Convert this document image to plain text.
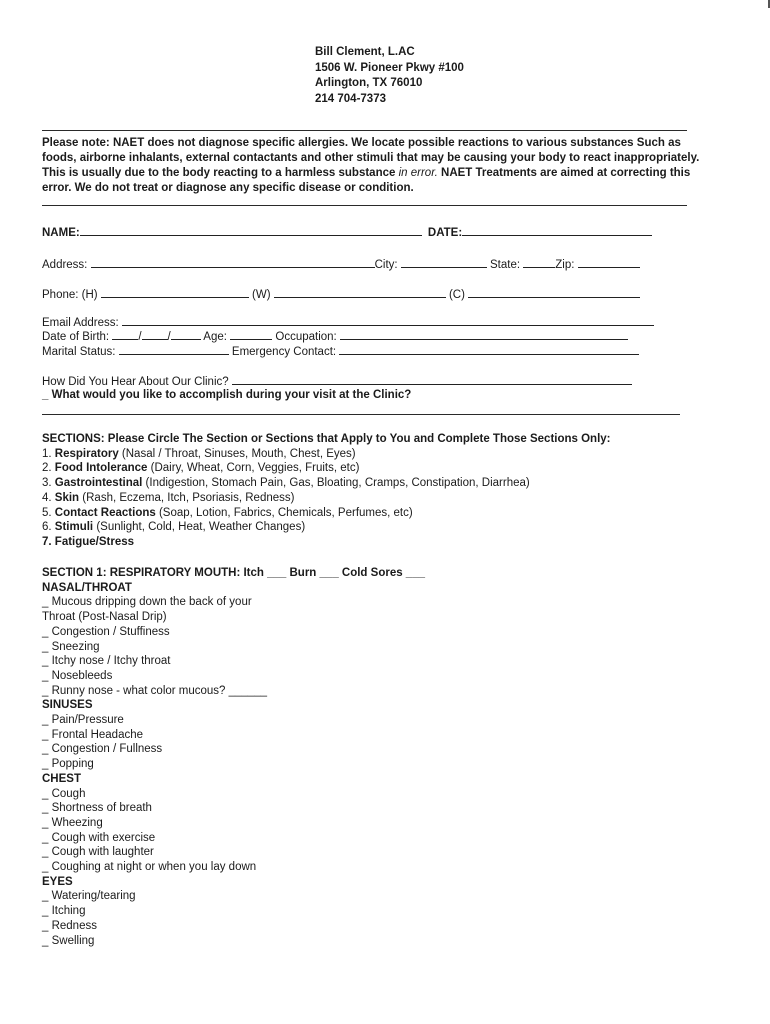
Bill Clement, L.AC
1506 W. Pioneer Pkwy #100
Arlington, TX 76010
214 704-7373
Please note: NAET does not diagnose specific allergies. We locate possible reactions to various substances Such as foods, airborne inhalants, external contactants and other stimuli that may be causing your body to react inappropriately. This is usually due to the body reacting to a harmless substance in error. NAET Treatments are aimed at correcting this error. We do not treat or diagnose any specific disease or condition.
NAME:	DATE:
Address:	City:	State:	Zip:
Phone: (H)	(W)	(C)
Email Address:
Date of Birth:	/ /	Age:	Occupation:
Marital Status:	Emergency Contact:
How Did You Hear About Our Clinic?
_ What would you like to accomplish during your visit at the Clinic?
SECTIONS: Please Circle The Section or Sections that Apply to You and Complete Those Sections Only:
1. Respiratory (Nasal / Throat, Sinuses, Mouth, Chest, Eyes)
2. Food Intolerance (Dairy, Wheat, Corn, Veggies, Fruits, etc)
3. Gastrointestinal (Indigestion, Stomach Pain, Gas, Bloating, Cramps, Constipation, Diarrhea)
4. Skin (Rash, Eczema, Itch, Psoriasis, Redness)
5. Contact Reactions (Soap, Lotion, Fabrics, Chemicals, Perfumes, etc)
6. Stimuli (Sunlight, Cold, Heat, Weather Changes)
7. Fatigue/Stress
SECTION 1: RESPIRATORY MOUTH: Itch ___ Burn ___ Cold Sores ___
NASAL/THROAT
_ Mucous dripping down the back of your
Throat (Post-Nasal Drip)
_ Congestion / Stuffiness
_ Sneezing
_ Itchy nose / Itchy throat
_ Nosebleeds
_ Runny nose - what color mucous? ______
SINUSES
_ Pain/Pressure
_ Frontal Headache
_ Congestion / Fullness
_ Popping
CHEST
_ Cough
_ Shortness of breath
_ Wheezing
_ Cough with exercise
_ Cough with laughter
_ Coughing at night or when you lay down
EYES
_ Watering/tearing
_ Itching
_ Redness
_ Swelling
